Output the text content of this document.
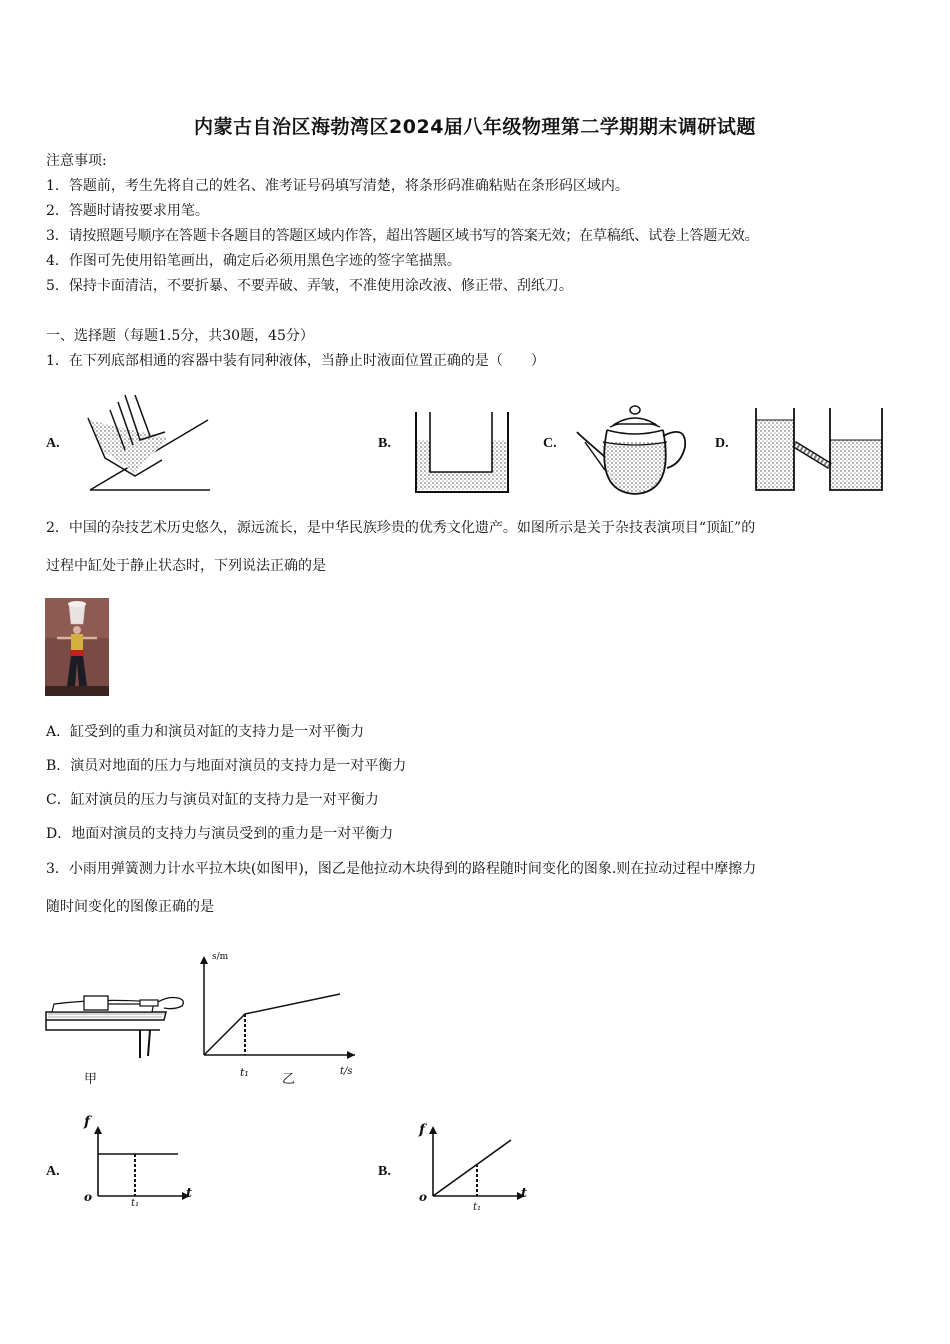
内蒙古自治区海勃湾区2024届八年级物理第二学期期末调研试题
注意事项:
1．答题前，考生先将自己的姓名、准考证号码填写清楚，将条形码准确粘贴在条形码区域内。
2．答题时请按要求用笔。
3．请按照题号顺序在答题卡各题目的答题区域内作答，超出答题区域书写的答案无效；在草稿纸、试卷上答题无效。
4．作图可先使用铅笔画出，确定后必须用黑色字迹的签字笔描黑。
5．保持卡面清洁，不要折暴、不要弄破、弄皱，不准使用涂改液、修正带、刮纸刀。
一、选择题（每题1.5分，共30题，45分）
1．在下列底部相通的容器中装有同种液体，当静止时液面位置正确的是（　　）
A.	B.	C.	D.
2．中国的杂技艺术历史悠久，源远流长，是中华民族珍贵的优秀文化遗产。如图所示是关于杂技表演项目“顶缸”的
过程中缸处于静止状态时，下列说法正确的是
A．缸受到的重力和演员对缸的支持力是一对平衡力
B．演员对地面的压力与地面对演员的支持力是一对平衡力
C．缸对演员的压力与演员对缸的支持力是一对平衡力
D．地面对演员的支持力与演员受到的重力是一对平衡力
3．小雨用弹簧测力计水平拉木块(如图甲)，图乙是他拉动木块得到的路程随时间变化的图象.则在拉动过程中摩擦力
随时间变化的图像正确的是
甲
s/m
t/s
t₁	乙
A.
f
o	t
t₁
B.
f
o	t
t₁
